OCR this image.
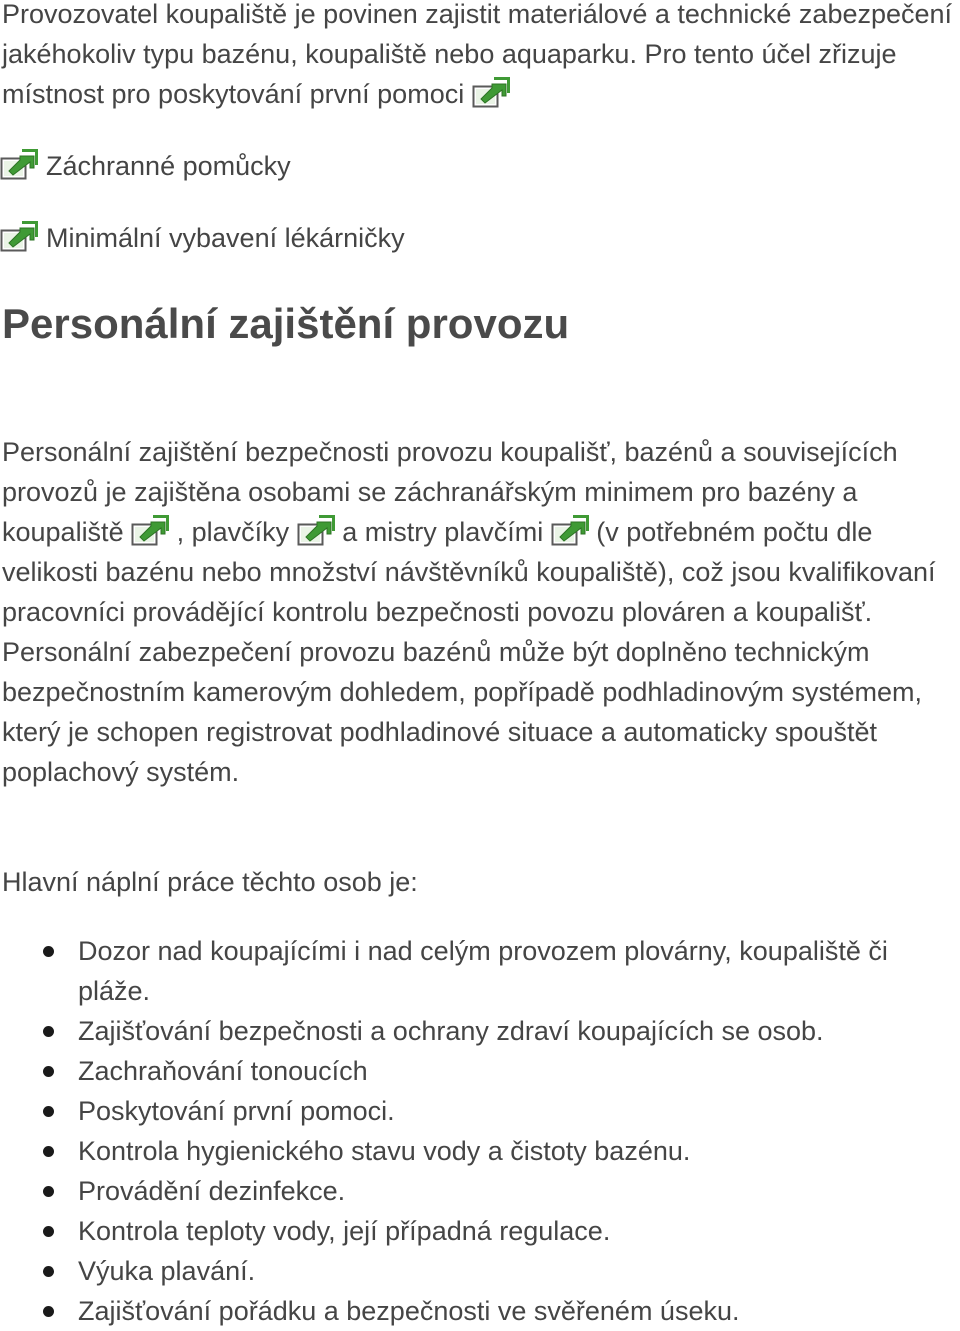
Provozovatel koupaliště je povinen zajistit materiálové a technické zabezpečení jakéhokoliv typu bazénu, koupaliště nebo aquaparku. Pro tento účel zřizuje místnost pro poskytování první pomoci

Záchranné pomůcky
Minimální vybavení lékárničky
Personální zajištění provozu

Personální zajištění bezpečnosti provozu koupališť, bazénů a souvisejících provozů je zajištěna osobami se záchranářským minimem pro bazény a koupaliště , plavčíky
a mistry plavčími
(v potřebném počtu dle velikosti bazénu nebo množství návštěvníků koupaliště), což jsou kvalifikovaní pracovníci provádějící kontrolu bezpečnosti povozu plováren a koupališť. Personální zabezpečení provozu bazénů může být doplněno technickým bezpečnostním kamerovým dohledem, popřípadě podhladinovým systémem, který je schopen registrovat podhladinové situace a automaticky spouštět poplachový systém.

Hlavní náplní práce těchto osob je:

Dozor nad koupajícími i nad celým provozem plovárny, koupaliště či pláže.
Zajišťování bezpečnosti a ochrany zdraví koupajících se osob.
Zachraňování tonoucích
Poskytování první pomoci.
Kontrola hygienického stavu vody a čistoty bazénu.
Provádění dezinfekce.
Kontrola teploty vody, její případná regulace.
Výuka plavání.
Zajišťování pořádku a bezpečnosti ve svěřeném úseku.
